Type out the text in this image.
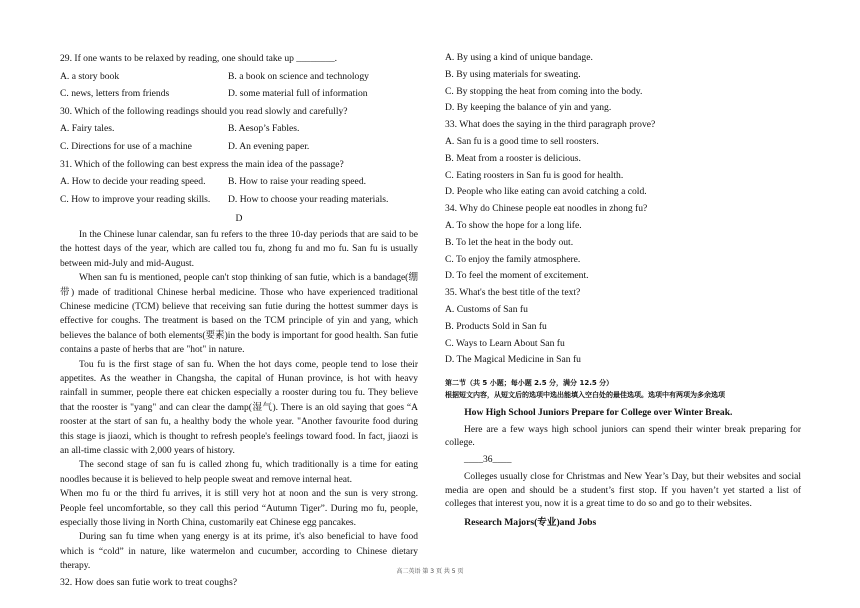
29. If one wants to be relaxed by reading, one should take up ________.
A. a story book	B. a book on science and technology
C. news, letters from friends	D. some material full of information
30. Which of the following readings should you read slowly and carefully?
A. Fairy tales.	B. Aesop’s Fables.
C. Directions for use of a machine	D. An evening paper.
31. Which of the following can best express the main idea of the passage?
A. How to decide your reading speed.	B. How to raise your reading speed.
C. How to improve your reading skills.	D. How to choose your reading materials.
D

In the Chinese lunar calendar, san fu refers to the three 10-day periods that are said to be the hottest days of the year, which are called tou fu, zhong fu and mo fu. San fu is usually between mid-July and mid-August.

When san fu is mentioned, people can't stop thinking of san futie, which is a bandage(绷带) made of traditional Chinese herbal medicine. Those who have experienced traditional Chinese medicine (TCM) believe that receiving san futie during the hottest summer days is effective for coughs. The treatment is based on the TCM principle of yin and yang, which believes the balance of both elements(要素)in the body is important for good health. San futie contains a paste of herbs that are "hot" in nature.

Tou fu is the first stage of san fu. When the hot days come, people tend to lose their appetites. As the weather in Changsha, the capital of Hunan province, is hot with heavy rainfall in summer, people there eat chicken especially a rooster during tou fu. They believe that the rooster is "yang" and can clear the damp(湿气). There is an old saying that goes “A rooster at the start of san fu, a healthy body the whole year. "Another favourite food during this stage is jiaozi, which is thought to refresh people's feelings toward food. In fact, jiaozi is an all-time classic with 2,000 years of history.

The second stage of san fu is called zhong fu, which traditionally is a time for eating noodles because it is believed to help people sweat and remove internal heat.

When mo fu or the third fu arrives, it is still very hot at noon and the sun is very strong. People feel uncomfortable, so they call this period “Autumn Tiger”. During mo fu, people, especially those living in North China, customarily eat Chinese egg pancakes.

During san fu time when yang energy is at its prime, it's also beneficial to have food which is “cold” in nature, like watermelon and cucumber, according to Chinese dietary therapy.

32. How does san futie work to treat coughs?

A. By using a kind of unique bandage.

B. By using materials for sweating.

C. By stopping the heat from coming into the body.

D. By keeping the balance of yin and yang.

33. What does the saying in the third paragraph prove?

A. San fu is a good time to sell roosters.

B. Meat from a rooster is delicious.

C. Eating roosters in San fu is good for health.

D. People who like eating can avoid catching a cold.

34. Why do Chinese people eat noodles in zhong fu?

A. To show the hope for a long life.

B. To let the heat in the body out.

C. To enjoy the family atmosphere.

D. To feel the moment of excitement.

35. What's the best title of the text?

A. Customs of San fu

B. Products Sold in San fu

C. Ways to Learn About San fu

D. The Magical Medicine in San fu

第二节（共 5 小题；每小题 2.5 分，满分 12.5 分）
根据短文内容，从短文后的选项中选出能填入空白处的最佳选项。选项中有两项为多余选项
How High School Juniors Prepare for College over Winter Break.

Here are a few ways high school juniors can spend their winter break preparing for college.

____36____

Colleges usually close for Christmas and New Year’s Day, but their websites and social media are open and should be a student’s first stop. If you haven’t yet started a list of colleges that interest you, now it is a great time to do so and go to their websites.

Research Majors(专业)and Jobs
高二英语 第 3 页 共 5 页
